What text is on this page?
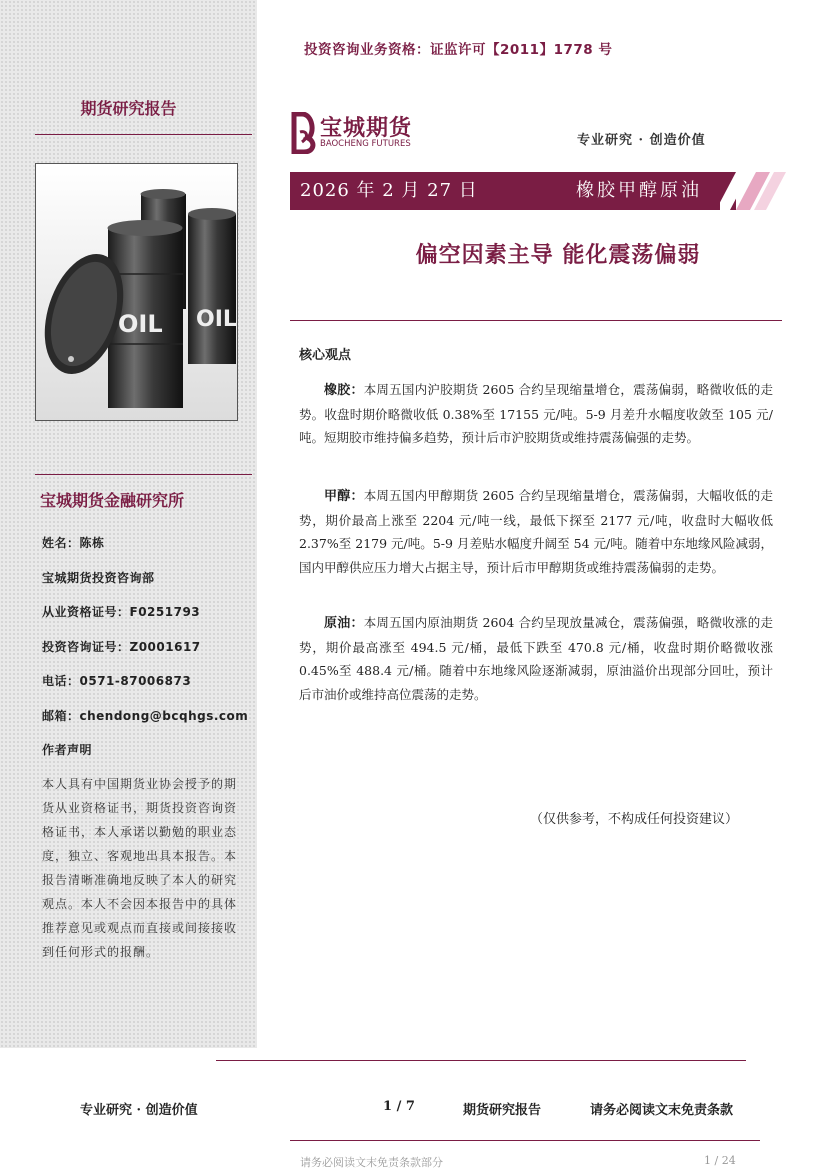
投资咨询业务资格：证监许可【2011】1778 号
期货研究报告
OIL OIL
宝城期货金融研究所
姓名：陈栋
宝城期货投资咨询部
从业资格证号：F0251793
投资咨询证号：Z0001617
电话：0571-87006873
邮箱：chendong@bcqhgs.com
作者声明
本人具有中国期货业协会授予的期货从业资格证书，期货投资咨询资格证书，本人承诺以勤勉的职业态度，独立、客观地出具本报告。本报告清晰准确地反映了本人的研究观点。本人不会因本报告中的具体推荐意见或观点而直接或间接接收到任何形式的报酬。
宝城期货
BAOCHENG FUTURES	专业研究 · 创造价值
2026 年 2 月 27 日	橡胶甲醇原油
偏空因素主导 能化震荡偏弱
核心观点
橡胶：本周五国内沪胶期货 2605 合约呈现缩量增仓，震荡偏弱，略微收低的走势。收盘时期价略微收低 0.38%至 17155 元/吨。5-9 月差升水幅度收敛至 105 元/吨。短期胶市维持偏多趋势，预计后市沪胶期货或维持震荡偏强的走势。
甲醇：本周五国内甲醇期货 2605 合约呈现缩量增仓，震荡偏弱，大幅收低的走势，期价最高上涨至 2204 元/吨一线，最低下探至 2177 元/吨，收盘时大幅收低 2.37%至 2179 元/吨。5-9 月差贴水幅度升阔至 54 元/吨。随着中东地缘风险减弱，国内甲醇供应压力增大占据主导，预计后市甲醇期货或维持震荡偏弱的走势。
原油：本周五国内原油期货 2604 合约呈现放量减仓，震荡偏强，略微收涨的走势，期价最高涨至 494.5 元/桶，最低下跌至 470.8 元/桶，收盘时期价略微收涨 0.45%至 488.4 元/桶。随着中东地缘风险逐渐减弱，原油溢价出现部分回吐，预计后市油价或维持高位震荡的走势。
（仅供参考，不构成任何投资建议）
专业研究 · 创造价值	1 / 7	期货研究报告	请务必阅读文末免责条款
请务必阅读文末免责条款部分	1 / 24
